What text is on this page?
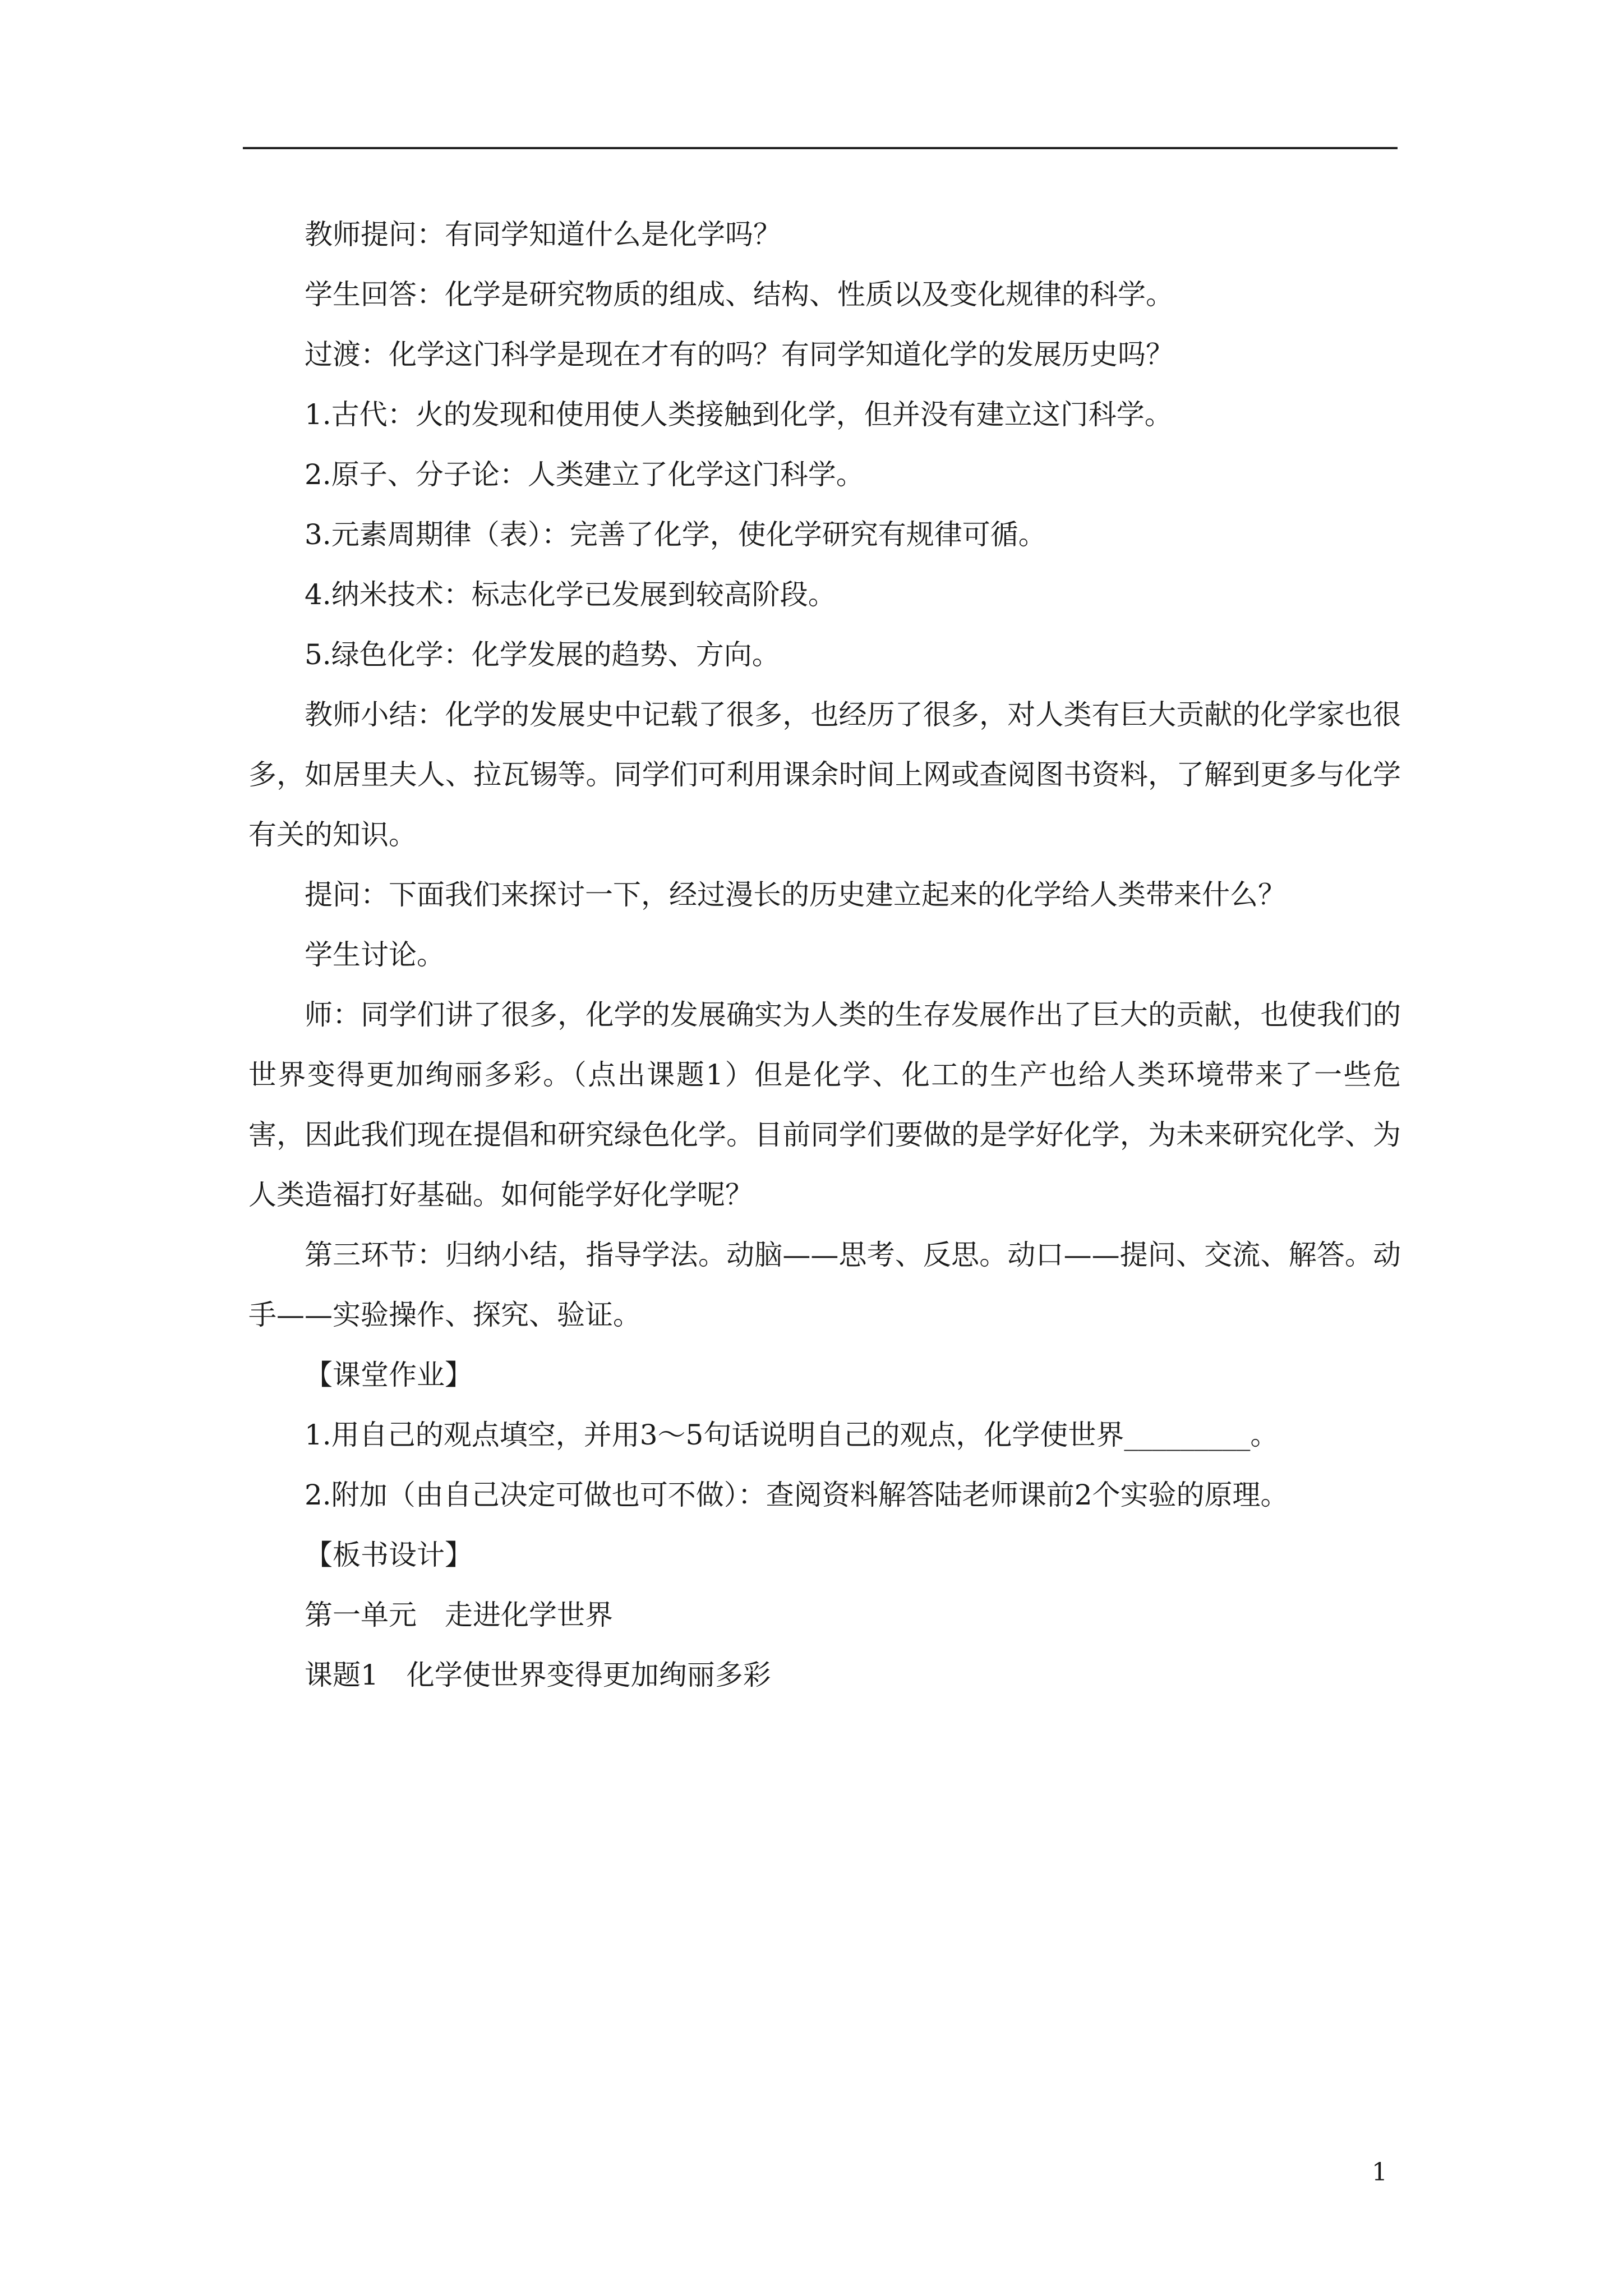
教师提问：有同学知道什么是化学吗？

学生回答：化学是研究物质的组成、结构、性质以及变化规律的科学。

过渡：化学这门科学是现在才有的吗？有同学知道化学的发展历史吗？

1.古代：火的发现和使用使人类接触到化学，但并没有建立这门科学。

2.原子、分子论：人类建立了化学这门科学。

3.元素周期律（表）：完善了化学，使化学研究有规律可循。

4.纳米技术：标志化学已发展到较高阶段。

5.绿色化学：化学发展的趋势、方向。

教师小结：化学的发展史中记载了很多，也经历了很多，对人类有巨大贡献的化学家也很多，如居里夫人、拉瓦锡等。同学们可利用课余时间上网或查阅图书资料，了解到更多与化学有关的知识。

提问：下面我们来探讨一下，经过漫长的历史建立起来的化学给人类带来什么？

学生讨论。

师：同学们讲了很多，化学的发展确实为人类的生存发展作出了巨大的贡献，也使我们的世界变得更加绚丽多彩。（点出课题1）但是化学、化工的生产也给人类环境带来了一些危害，因此我们现在提倡和研究绿色化学。目前同学们要做的是学好化学，为未来研究化学、为人类造福打好基础。如何能学好化学呢？

第三环节：归纳小结，指导学法。动脑——思考、反思。动口——提问、交流、解答。动手——实验操作、探究、验证。

【课堂作业】

1.用自己的观点填空，并用3～5句话说明自己的观点，化学使世界_________。

2.附加（由自己决定可做也可不做）：查阅资料解答陆老师课前2个实验的原理。

【板书设计】

第一单元　走进化学世界

课题1　化学使世界变得更加绚丽多彩

1
